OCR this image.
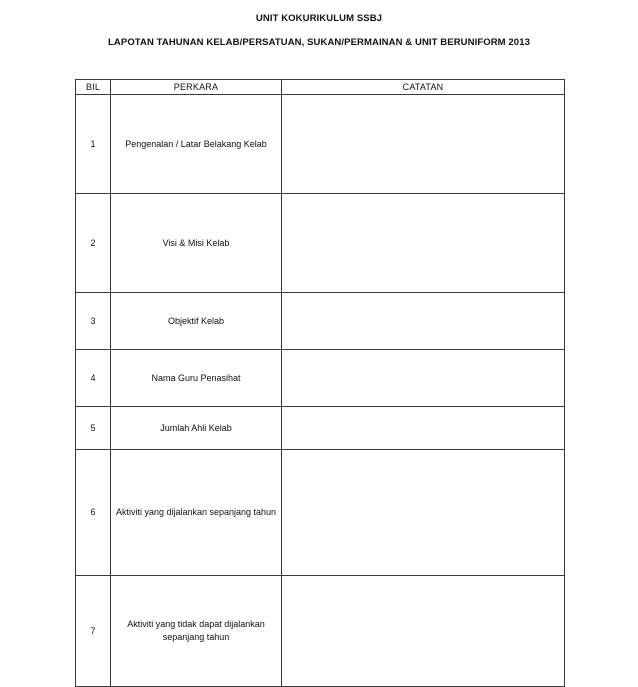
UNIT KOKURIKULUM SSBJ
LAPOTAN TAHUNAN KELAB/PERSATUAN, SUKAN/PERMAINAN & UNIT BERUNIFORM 2013
BIL	PERKARA	CATATAN
1	Pengenalan / Latar Belakang Kelab	
2	Visi & Misi Kelab	
3	Objektif Kelab	
4	Nama Guru Penasihat	
5	Jumlah Ahli Kelab	
6	Aktiviti yang dijalankan sepanjang tahun	
7	Aktiviti yang tidak dapat dijalankan sepanjang tahun	
